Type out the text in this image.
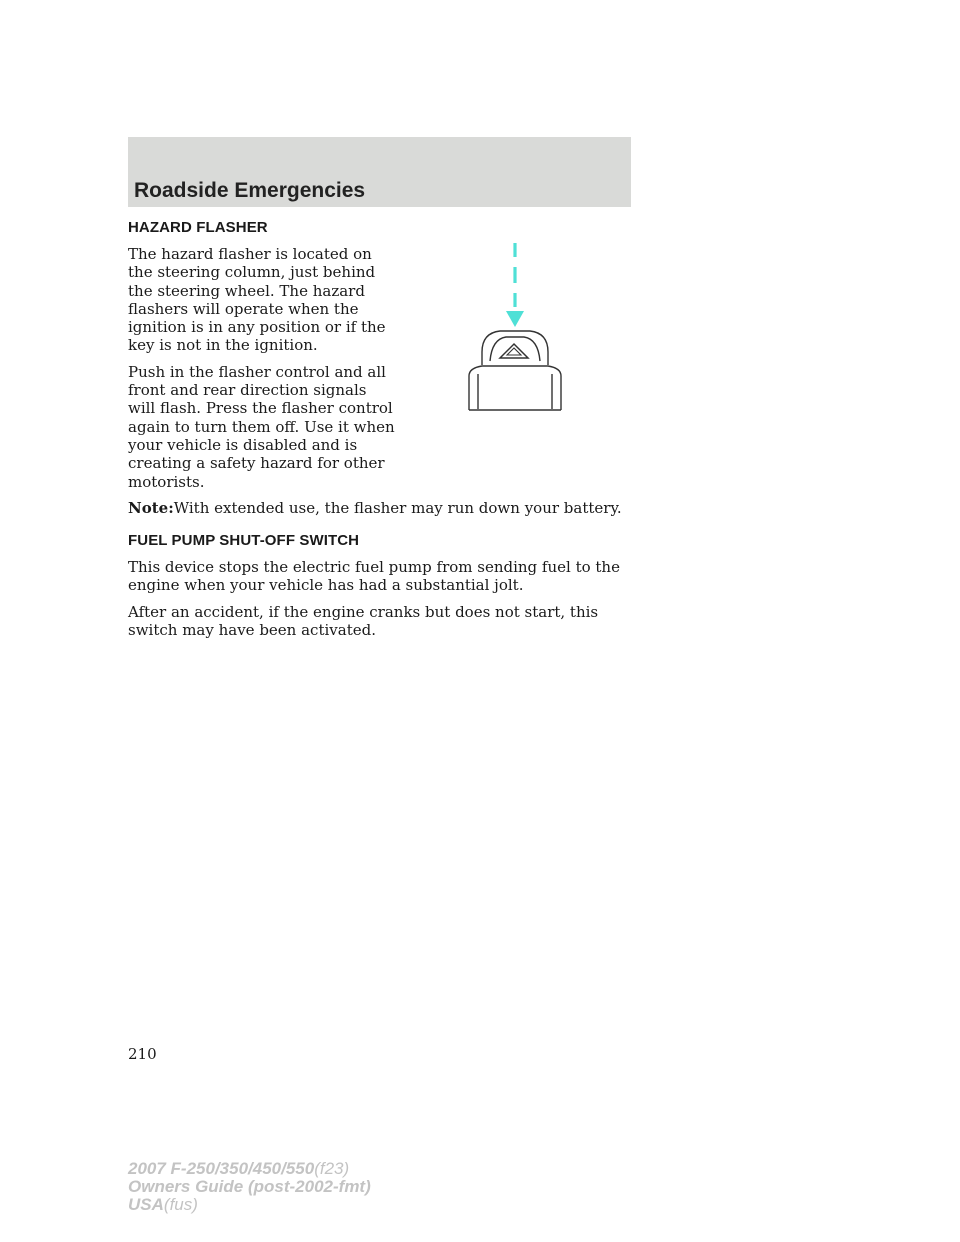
Roadside Emergencies
HAZARD FLASHER

The hazard flasher is located on the steering column, just behind the steering wheel. The hazard flashers will operate when the ignition is in any position or if the key is not in the ignition.

Push in the flasher control and all front and rear direction signals will flash. Press the flasher control again to turn them off. Use it when your vehicle is disabled and is creating a safety hazard for other motorists.

Note:With extended use, the flasher may run down your battery.

FUEL PUMP SHUT-OFF SWITCH

This device stops the electric fuel pump from sending fuel to the engine when your vehicle has had a substantial jolt.

After an accident, if the engine cranks but does not start, this switch may have been activated.

210
2007 F-250/350/450/550(f23)
Owners Guide (post-2002-fmt)
USA(fus)
